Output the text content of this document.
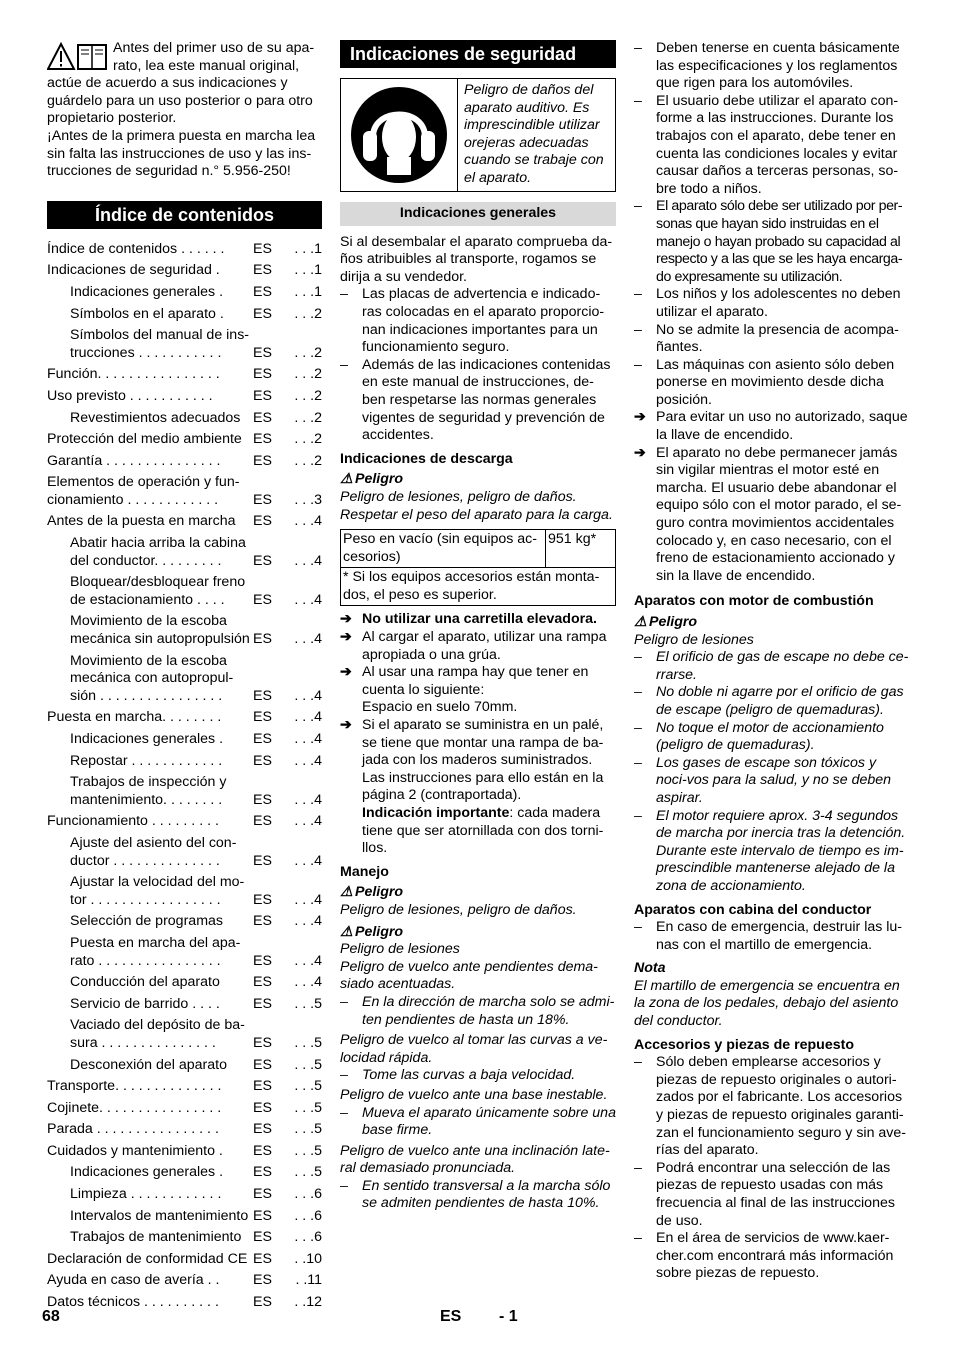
Antes del primer uso de su apa-rato, lea este manual original, actúe de acuerdo a sus indicaciones y guárdelo para un uso posterior o para otro propietario posterior.

¡Antes de la primera puesta en marcha lea sin falta las instrucciones de uso y las ins-trucciones de seguridad n.° 5.956-250!

Índice de contenidos
Índice de contenidos . . . . . .	ES	. . .1
Indicaciones de seguridad .	ES	. . .1
Indicaciones generales .	ES	. . .1
Símbolos en el aparato .	ES	. . .2
Símbolos del manual de ins-trucciones . . . . . . . . . . .	ES	. . .2
Función. . . . . . . . . . . . . . . .	ES	. . .2
Uso previsto . . . . . . . . . . .	ES	. . .2
Revestimientos adecuados ES	. . .2
Protección del medio ambiente ES	. . .2
Garantía . . . . . . . . . . . . . . .	ES	. . .2
Elementos de operación y fun-cionamiento . . . . . . . . . . . .	ES	. . .3
Antes de la puesta en marcha	ES	. . .4
Abatir hacia arriba la cabina del conductor. . . . . . . . .	ES	. . .4
Bloquear/desbloquear freno de estacionamiento . . . .	ES	. . .4
Movimiento de la escoba mecánica sin autopropulsión ES	. . .4
Movimiento de la escoba mecánica con autopropul-sión . . . . . . . . . . . . . . . .	ES	. . .4
Puesta en marcha. . . . . . . .	ES	. . .4
Indicaciones generales .	ES	. . .4
Repostar . . . . . . . . . . . .	ES	. . .4
Trabajos de inspección y mantenimiento. . . . . . . .	ES	. . .4
Funcionamiento . . . . . . . . .	ES	. . .4
Ajuste del asiento del con-ductor . . . . . . . . . . . . . .	ES	. . .4
Ajustar la velocidad del mo-tor . . . . . . . . . . . . . . . . .	ES	. . .4
Selección de programas	ES	. . .4
Puesta en marcha del apa-rato . . . . . . . . . . . . . . . .	ES	. . .4
Conducción del aparato	ES	. . .4
Servicio de barrido . . . .	ES	. . .5
Vaciado del depósito de ba-sura . . . . . . . . . . . . . . .	ES	. . .5
Desconexión del aparato	ES	. . .5
Transporte. . . . . . . . . . . . . .	ES	. . .5
Cojinete. . . . . . . . . . . . . . . .	ES	. . .5
Parada . . . . . . . . . . . . . . . .	ES	. . .5
Cuidados y mantenimiento .	ES	. . .5
Indicaciones generales .	ES	. . .5
Limpieza . . . . . . . . . . . .	ES	. . .6
Intervalos de mantenimiento ES	. . .6
Trabajos de mantenimiento ES	. . .6
Declaración de conformidad CE ES	. .10
Ayuda en caso de avería . .	ES	. .11
Datos técnicos . . . . . . . . . .	ES	. .12
Indicaciones de seguridad
Peligro de daños del aparato auditivo. Es imprescindible utilizar orejeras adecuadas cuando se trabaje con el aparato.
Indicaciones generales

Si al desembalar el aparato comprueba da-ños atribuibles al transporte, rogamos se dirija a su vendedor.

– Las placas de advertencia e indicado-ras colocadas en el aparato proporcio-nan indicaciones importantes para un funcionamiento seguro.

– Además de las indicaciones contenidas en este manual de instrucciones, de-ben respetarse las normas generales vigentes de seguridad y prevención de accidentes.

Indicaciones de descarga

⚠ Peligro

Peligro de lesiones, peligro de daños. Respetar el peso del aparato para la carga.

Peso en vacío (sin equipos ac-cesorios)	951 kg*
* Si los equipos accesorios están monta-dos, el peso es superior.

➔ No utilizar una carretilla elevadora.

➔ Al cargar el aparato, utilizar una rampa apropiada o una grúa.

➔ Al usar una rampa hay que tener en cuenta lo siguiente:

Espacio en suelo 70mm.

➔ Si el aparato se suministra en un palé, se tiene que montar una rampa de ba-jada con los maderos suministrados. Las instrucciones para ello están en la página 2 (contraportada).

Indicación importante: cada madera tiene que ser atornillada con dos torni-llos.

Manejo

⚠ Peligro

Peligro de lesiones, peligro de daños.

⚠ Peligro

Peligro de lesiones

Peligro de vuelco ante pendientes dema-siado acentuadas.

– En la dirección de marcha solo se admi-ten pendientes de hasta un 18%.

Peligro de vuelco al tomar las curvas a ve-locidad rápida.

– Tome las curvas a baja velocidad.

Peligro de vuelco ante una base inestable.

– Mueva el aparato únicamente sobre una base firme.

Peligro de vuelco ante una inclinación late-ral demasiado pronunciada.

– En sentido transversal a la marcha sólo se admiten pendientes de hasta 10%.

– Deben tenerse en cuenta básicamente las especificaciones y los reglamentos que rigen para los automóviles.

– El usuario debe utilizar el aparato con-forme a las instrucciones. Durante los trabajos con el aparato, debe tener en cuenta las condiciones locales y evitar causar daños a terceras personas, so-bre todo a niños.

– El aparato sólo debe ser utilizado por per-sonas que hayan sido instruidas en el manejo o hayan probado su capacidad al respecto y a las que se les haya encarga-do expresamente su utilización.

– Los niños y los adolescentes no deben utilizar el aparato.

– No se admite la presencia de acompa-ñantes.

– Las máquinas con asiento sólo deben ponerse en movimiento desde dicha posición.

➔ Para evitar un uso no autorizado, saque la llave de encendido.

➔ El aparato no debe permanecer jamás sin vigilar mientras el motor esté en marcha. El usuario debe abandonar el equipo sólo con el motor parado, el se-guro contra movimientos accidentales colocado y, en caso necesario, con el freno de estacionamiento accionado y sin la llave de encendido.

Aparatos con motor de combustión

⚠ Peligro

Peligro de lesiones

– El orificio de gas de escape no debe ce-rrarse.

– No doble ni agarre por el orificio de gas de escape (peligro de quemaduras).

– No toque el motor de accionamiento (peligro de quemaduras).

– Los gases de escape son tóxicos y noci-vos para la salud, y no se deben aspirar.

– El motor requiere aprox. 3-4 segundos de marcha por inercia tras la detención. Durante este intervalo de tiempo es im-prescindible mantenerse alejado de la zona de accionamiento.

Aparatos con cabina del conductor

– En caso de emergencia, destruir las lu-nas con el martillo de emergencia.

Nota

El martillo de emergencia se encuentra en la zona de los pedales, debajo del asiento del conductor.

Accesorios y piezas de repuesto

– Sólo deben emplearse accesorios y piezas de repuesto originales o autori-zados por el fabricante. Los accesorios y piezas de repuesto originales garanti-zan el funcionamiento seguro y sin ave-rías del aparato.

– Podrá encontrar una selección de las piezas de repuesto usadas con más frecuencia al final de las instrucciones de uso.

– En el área de servicios de www.kaer-cher.com encontrará más información sobre piezas de repuesto.

68	ES - 1
